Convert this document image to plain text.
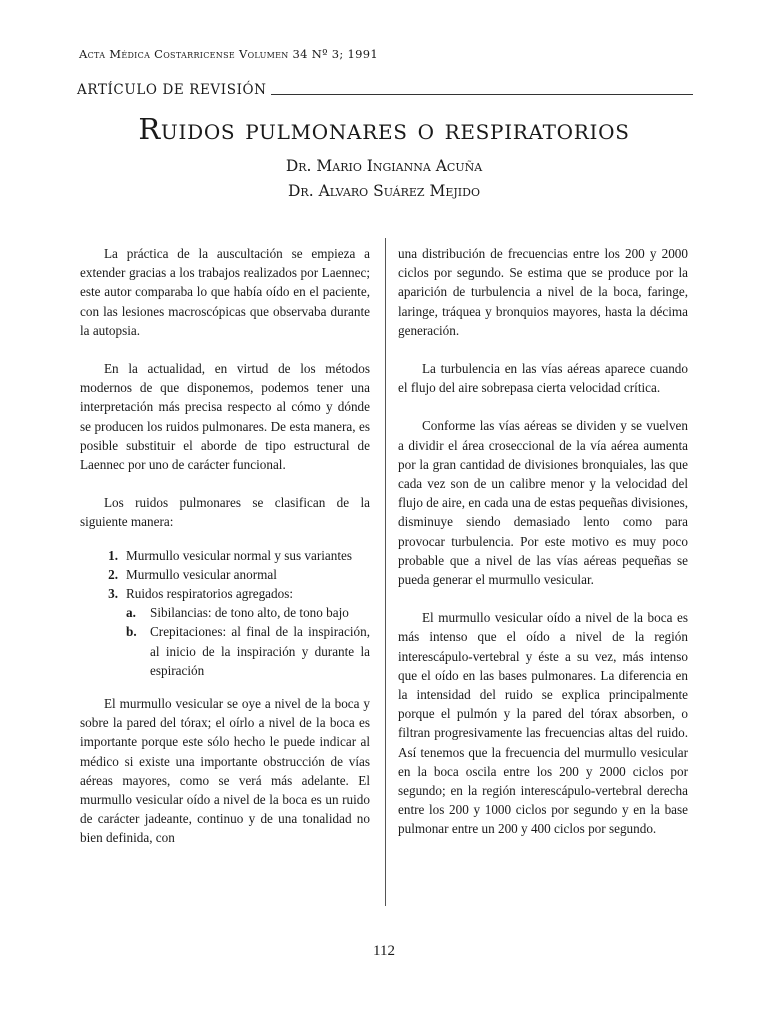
Acta Médica Costarricense Volumen 34 Nº 3; 1991
ARTÍCULO DE REVISIÓN
Ruidos pulmonares o respiratorios
Dr. Mario Ingianna Acuña
Dr. Alvaro Suárez Mejido

La práctica de la auscultación se empieza a extender gracias a los trabajos realizados por Laennec; este autor comparaba lo que había oído en el paciente, con las lesiones macroscópicas que observaba durante la autopsia.

En la actualidad, en virtud de los métodos modernos de que disponemos, podemos tener una interpretación más precisa respecto al cómo y dónde se producen los ruidos pulmonares. De esta manera, es posible substituir el aborde de tipo estructural de Laennec por uno de carácter funcional.

Los ruidos pulmonares se clasifican de la siguiente manera:

1. Murmullo vesicular normal y sus variantes
2. Murmullo vesicular anormal
3. Ruidos respiratorios agregados:
a.	Sibilancias: de tono alto, de tono bajo
b.	Crepitaciones: al final de la inspiración, al inicio de la inspiración y durante la espiración

El murmullo vesicular se oye a nivel de la boca y sobre la pared del tórax; el oírlo a nivel de la boca es importante porque este sólo hecho le puede indicar al médico si existe una importante obstrucción de vías aéreas mayores, como se verá más adelante. El murmullo vesicular oído a nivel de la boca es un ruido de carácter jadeante, continuo y de una tonalidad no bien definida, con

una distribución de frecuencias entre los 200 y 2000 ciclos por segundo. Se estima que se produce por la aparición de turbulencia a nivel de la boca, faringe, laringe, tráquea y bronquios mayores, hasta la décima generación.

La turbulencia en las vías aéreas aparece cuando el flujo del aire sobrepasa cierta velocidad crítica.

Conforme las vías aéreas se dividen y se vuelven a dividir el área croseccional de la vía aérea aumenta por la gran cantidad de divisiones bronquiales, las que cada vez son de un calibre menor y la velocidad del flujo de aire, en cada una de estas pequeñas divisiones, disminuye siendo demasiado lento como para provocar turbulencia. Por este motivo es muy poco probable que a nivel de las vías aéreas pequeñas se pueda generar el murmullo vesicular.

El murmullo vesicular oído a nivel de la boca es más intenso que el oído a nivel de la región interescápulo-vertebral y éste a su vez, más intenso que el oído en las bases pulmonares. La diferencia en la intensidad del ruido se explica principalmente porque el pulmón y la pared del tórax absorben, o filtran progresivamente las frecuencias altas del ruido. Así tenemos que la frecuencia del murmullo vesicular en la boca oscila entre los 200 y 2000 ciclos por segundo; en la región interescápulo-vertebral derecha entre los 200 y 1000 ciclos por segundo y en la base pulmonar entre un 200 y 400 ciclos por segundo.

112
